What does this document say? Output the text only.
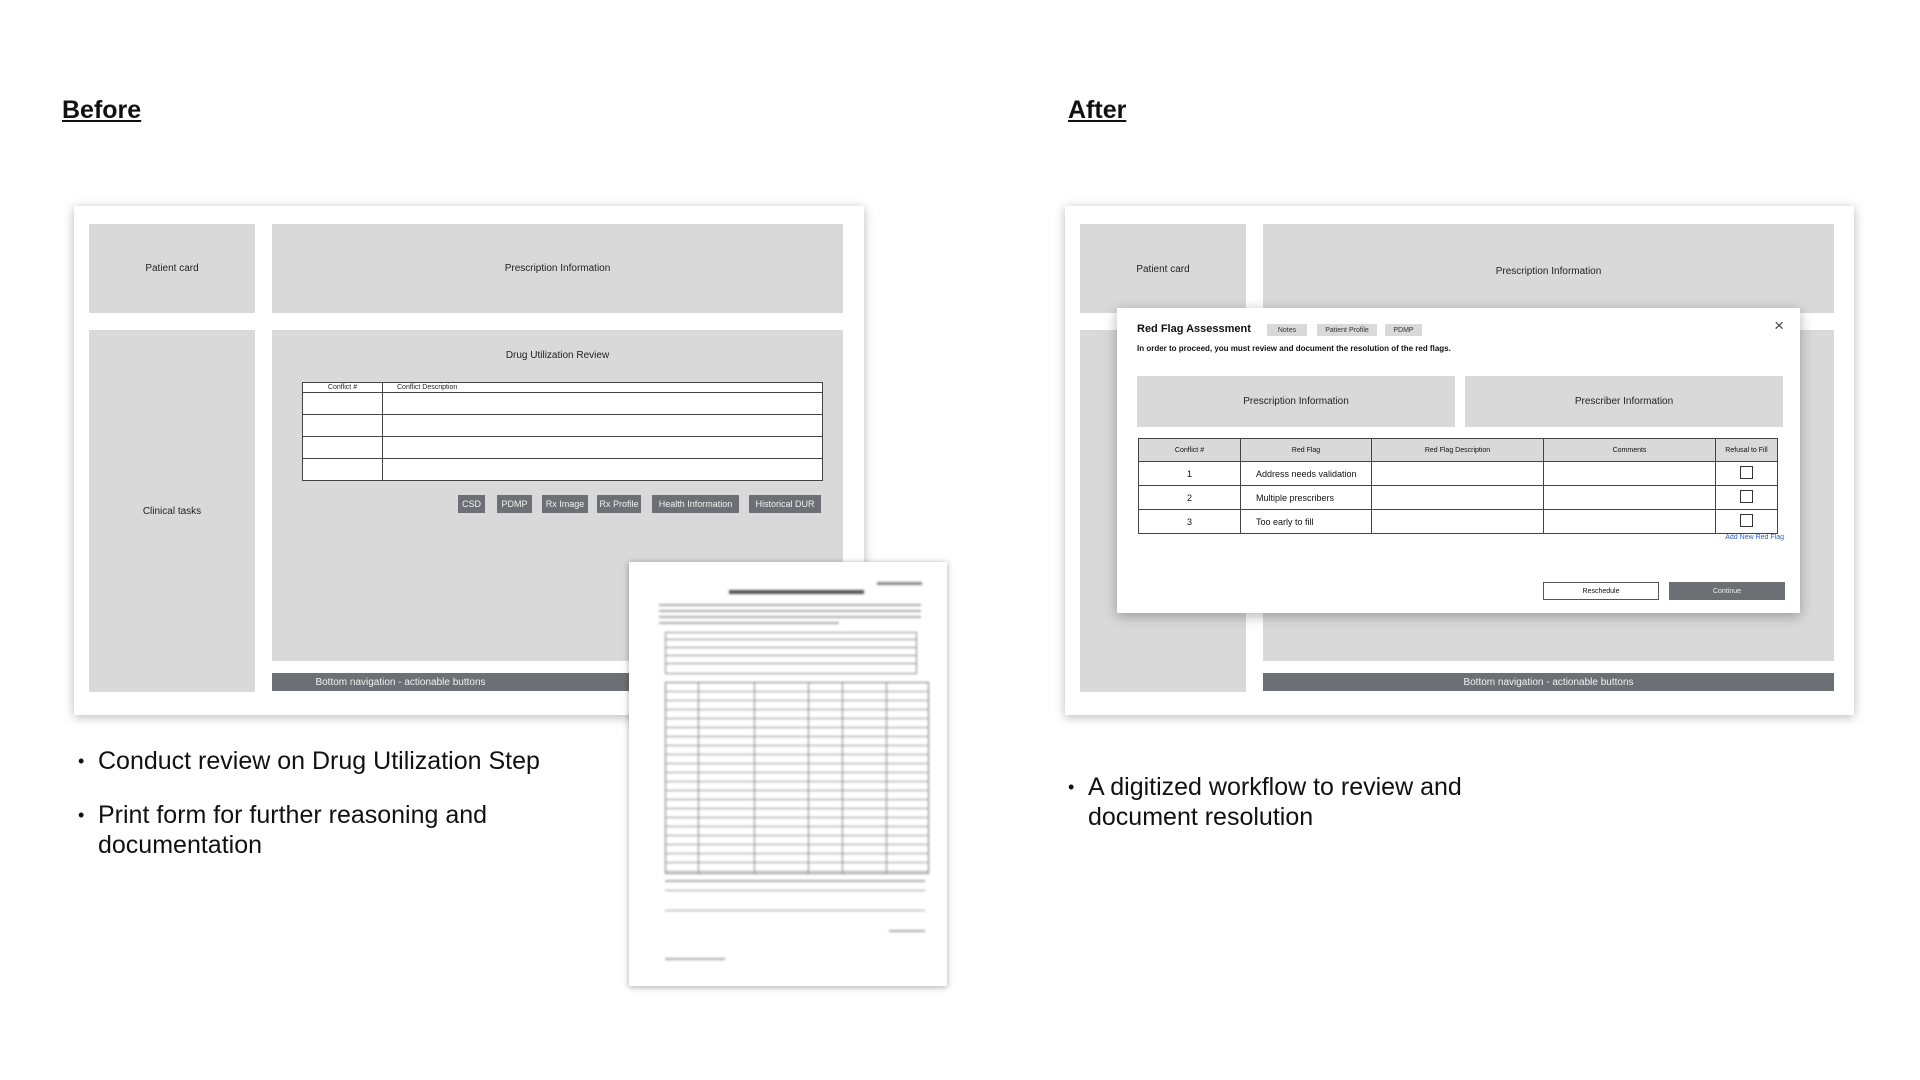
Before
Patient card	Prescription Information
Clinical tasks
Drug Utilization Review
Conflict #	Conflict Description

CSD	PDMP	Rx Image	Rx Profile	Health Information	Historical DUR
Bottom navigation - actionable buttons
• Conduct review on Drug Utilization Step
• Print form for further reasoning and documentation
After
Patient card	Prescription Information
Bottom navigation - actionable buttons
Red Flag Assessment	Notes	Patient Profile	PDMP	×
In order to proceed, you must review and document the resolution of the red flags.
Prescription Information	Prescriber Information
Conflict #	Red Flag	Red Flag Description	Comments	Refusal to Fill
1	Address needs validation			
2	Multiple prescribers			
3	Too early to fill			
Add New Red Flag
Reschedule	Continue
• A digitized workflow to review and document resolution
